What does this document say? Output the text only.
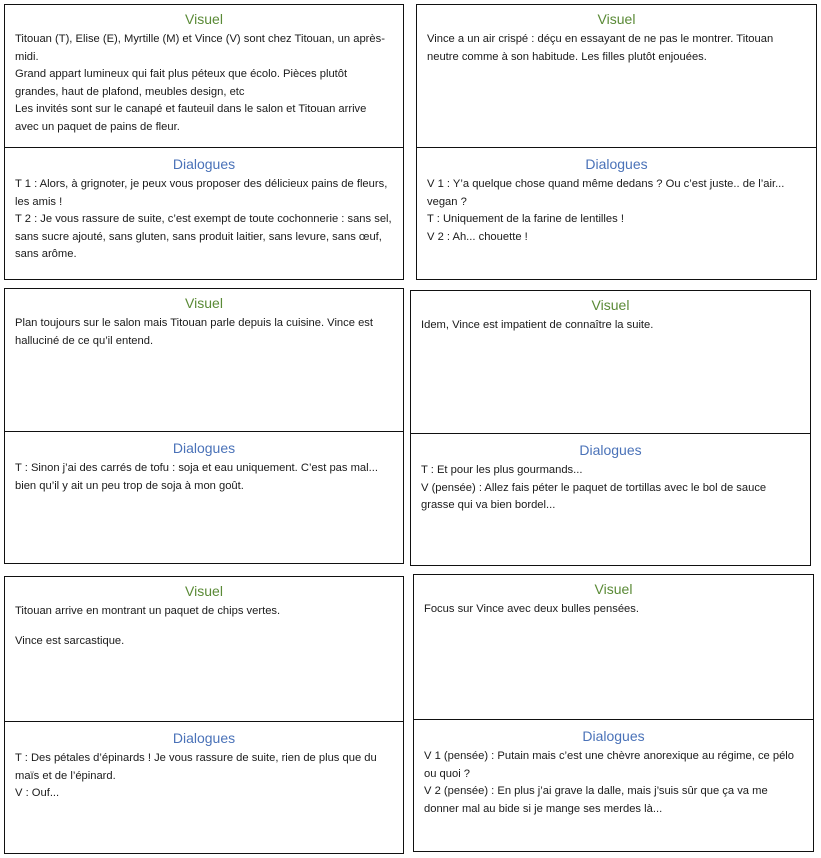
Visuel

Titouan (T), Elise (E), Myrtille (M) et Vince (V) sont chez Titouan, un après-midi.

Grand appart lumineux qui fait plus péteux que écolo. Pièces plutôt grandes, haut de plafond, meubles design, etc

Les invités sont sur le canapé et fauteuil dans le salon et Titouan arrive avec un paquet de pains de fleur.

Dialogues

T 1 : Alors, à grignoter, je peux vous proposer des délicieux pains de fleurs, les amis !

T 2 : Je vous rassure de suite, c’est exempt de toute cochonnerie : sans sel, sans sucre ajouté, sans gluten, sans produit laitier, sans levure, sans œuf, sans arôme.

Visuel

Vince a un air crispé : déçu en essayant de ne pas le montrer. Titouan neutre comme à son habitude. Les filles plutôt enjouées.

Dialogues

V 1 : Y’a quelque chose quand même dedans ? Ou c’est juste.. de l’air... vegan ?

T : Uniquement de la farine de lentilles !

V 2 : Ah... chouette !

Visuel

Plan toujours sur le salon mais Titouan parle depuis la cuisine. Vince est halluciné de ce qu’il entend.

Dialogues

T : Sinon j’ai des carrés de tofu : soja et eau uniquement. C’est pas mal... bien qu’il y ait un peu trop de soja à mon goût.

Visuel

Idem, Vince est impatient de connaître la suite.

Dialogues

T : Et pour les plus gourmands...

V (pensée) : Allez fais péter le paquet de tortillas avec le bol de sauce grasse qui va bien bordel...

Visuel

Titouan arrive en montrant un paquet de chips vertes.

Vince est sarcastique.

Dialogues

T : Des pétales d’épinards ! Je vous rassure de suite, rien de plus que du maïs et de l’épinard.

V : Ouf...

Visuel

Focus sur Vince avec deux bulles pensées.

Dialogues

V 1 (pensée) : Putain mais c’est une chèvre anorexique au régime, ce pélo ou quoi ?

V 2 (pensée) : En plus j’ai grave la dalle, mais j’suis sûr que ça va me donner mal au bide si je mange ses merdes là...
